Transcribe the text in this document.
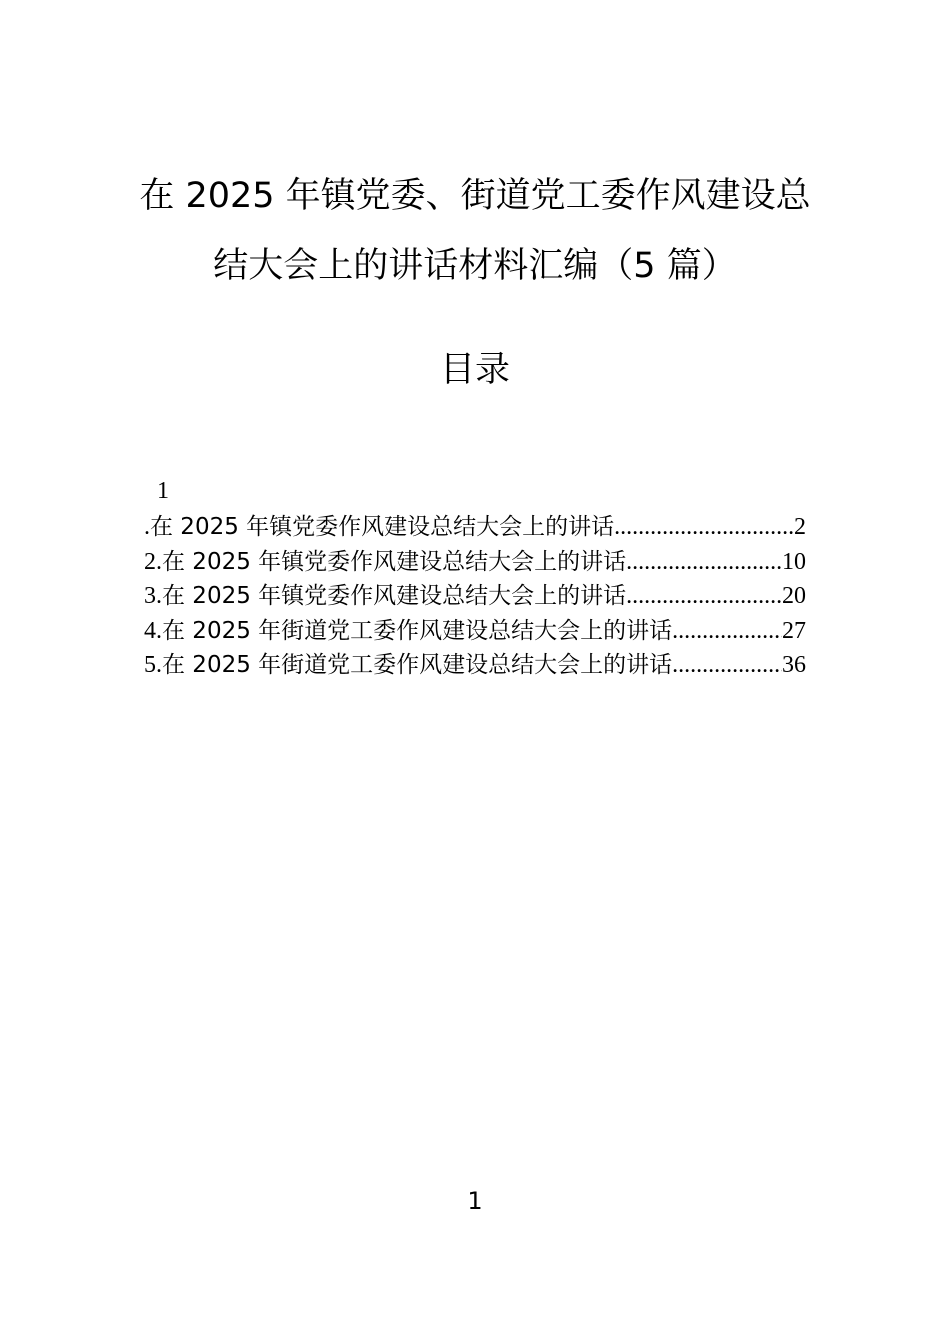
在 2025 年镇党委、街道党工委作风建设总
结大会上的讲话材料汇编（5 篇）
目录
1
. 在 2025 年镇党委作风建设总结大会上的讲话 .....	2
2. 在 2025 年镇党委作风建设总结大会上的讲话 .....	10
3. 在 2025 年镇党委作风建设总结大会上的讲话 .....	20
4. 在 2025 年街道党工委作风建设总结大会上的讲话 .....	27
5. 在 2025 年街道党工委作风建设总结大会上的讲话 .....	36
1
